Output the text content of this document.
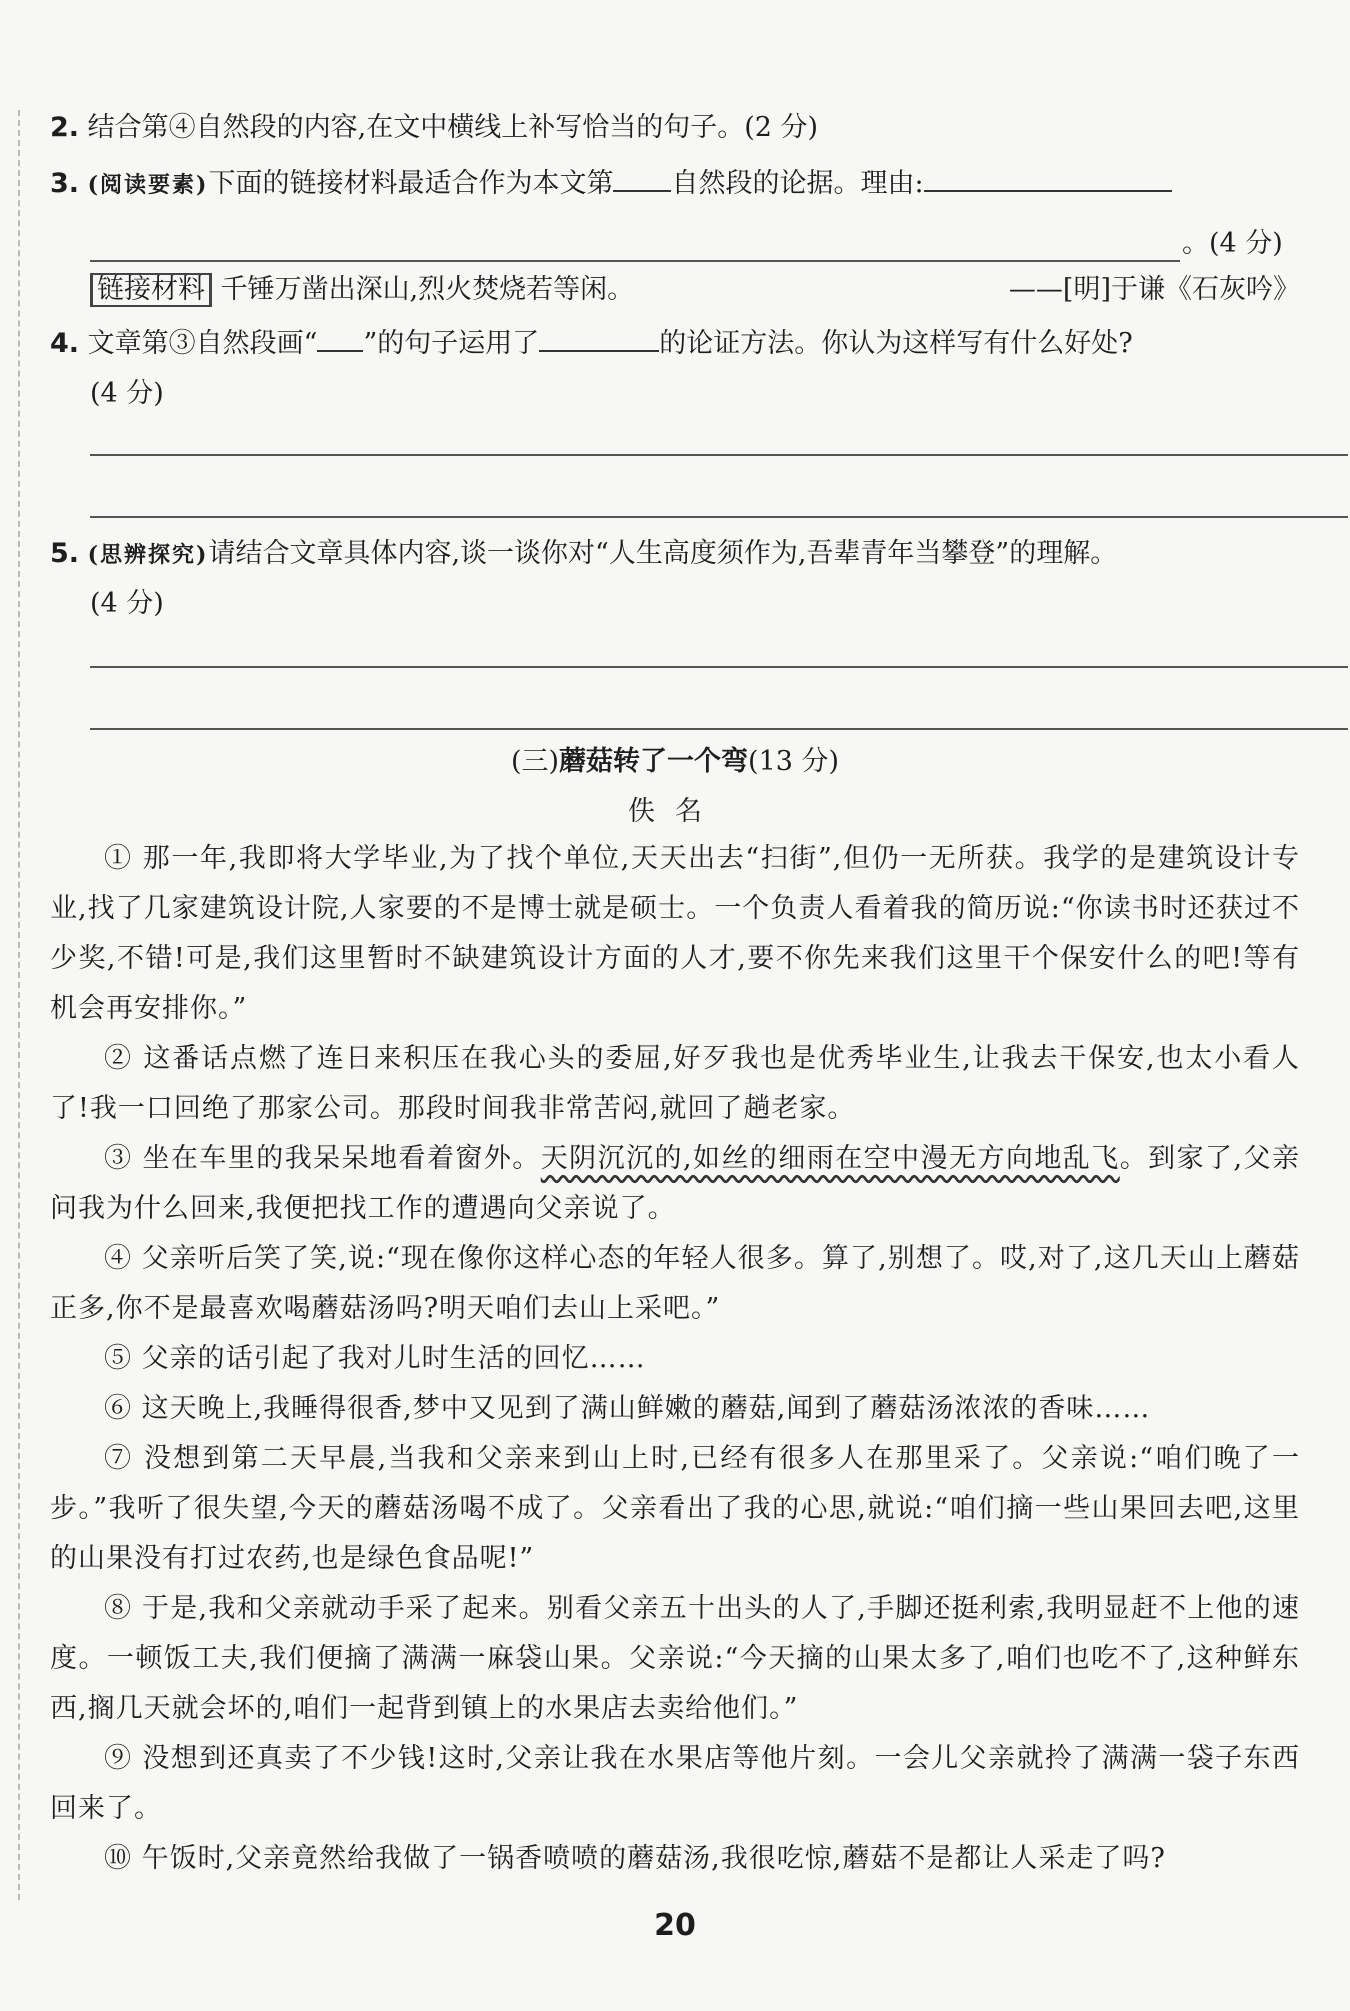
2. 结合第④自然段的内容,在文中横线上补写恰当的句子。(2 分)
3. (阅读要素)下面的链接材料最适合作为本文第 自然段的论据。理由:
。(4 分)
链接材料 千锤万凿出深山,烈火焚烧若等闲。	——[明]于谦《石灰吟》
4. 文章第③自然段画“ ”的句子运用了	的论证方法。你认为这样写有什么好处?
(4 分)
5. (思辨探究)请结合文章具体内容,谈一谈你对“人生高度须作为,吾辈青年当攀登”的理解。
(4 分)
(三)蘑菇转了一个弯(13 分)
佚名
① 那一年,我即将大学毕业,为了找个单位,天天出去“扫街”,但仍一无所获。我学的是建筑设计专业,找了几家建筑设计院,人家要的不是博士就是硕士。一个负责人看着我的简历说:“你读书时还获过不少奖,不错!可是,我们这里暂时不缺建筑设计方面的人才,要不你先来我们这里干个保安什么的吧!等有机会再安排你。”
② 这番话点燃了连日来积压在我心头的委屈,好歹我也是优秀毕业生,让我去干保安,也太小看人了!我一口回绝了那家公司。那段时间我非常苦闷,就回了趟老家。
③ 坐在车里的我呆呆地看着窗外。天阴沉沉的,如丝的细雨在空中漫无方向地乱飞。到家了,父亲问我为什么回来,我便把找工作的遭遇向父亲说了。
④ 父亲听后笑了笑,说:“现在像你这样心态的年轻人很多。算了,别想了。哎,对了,这几天山上蘑菇正多,你不是最喜欢喝蘑菇汤吗?明天咱们去山上采吧。”
⑤ 父亲的话引起了我对儿时生活的回忆……
⑥ 这天晚上,我睡得很香,梦中又见到了满山鲜嫩的蘑菇,闻到了蘑菇汤浓浓的香味……
⑦ 没想到第二天早晨,当我和父亲来到山上时,已经有很多人在那里采了。父亲说:“咱们晚了一步。”我听了很失望,今天的蘑菇汤喝不成了。父亲看出了我的心思,就说:“咱们摘一些山果回去吧,这里的山果没有打过农药,也是绿色食品呢!”
⑧ 于是,我和父亲就动手采了起来。别看父亲五十出头的人了,手脚还挺利索,我明显赶不上他的速度。一顿饭工夫,我们便摘了满满一麻袋山果。父亲说:“今天摘的山果太多了,咱们也吃不了,这种鲜东西,搁几天就会坏的,咱们一起背到镇上的水果店去卖给他们。”
⑨ 没想到还真卖了不少钱!这时,父亲让我在水果店等他片刻。一会儿父亲就拎了满满一袋子东西回来了。
⑩ 午饭时,父亲竟然给我做了一锅香喷喷的蘑菇汤,我很吃惊,蘑菇不是都让人采走了吗?
20
